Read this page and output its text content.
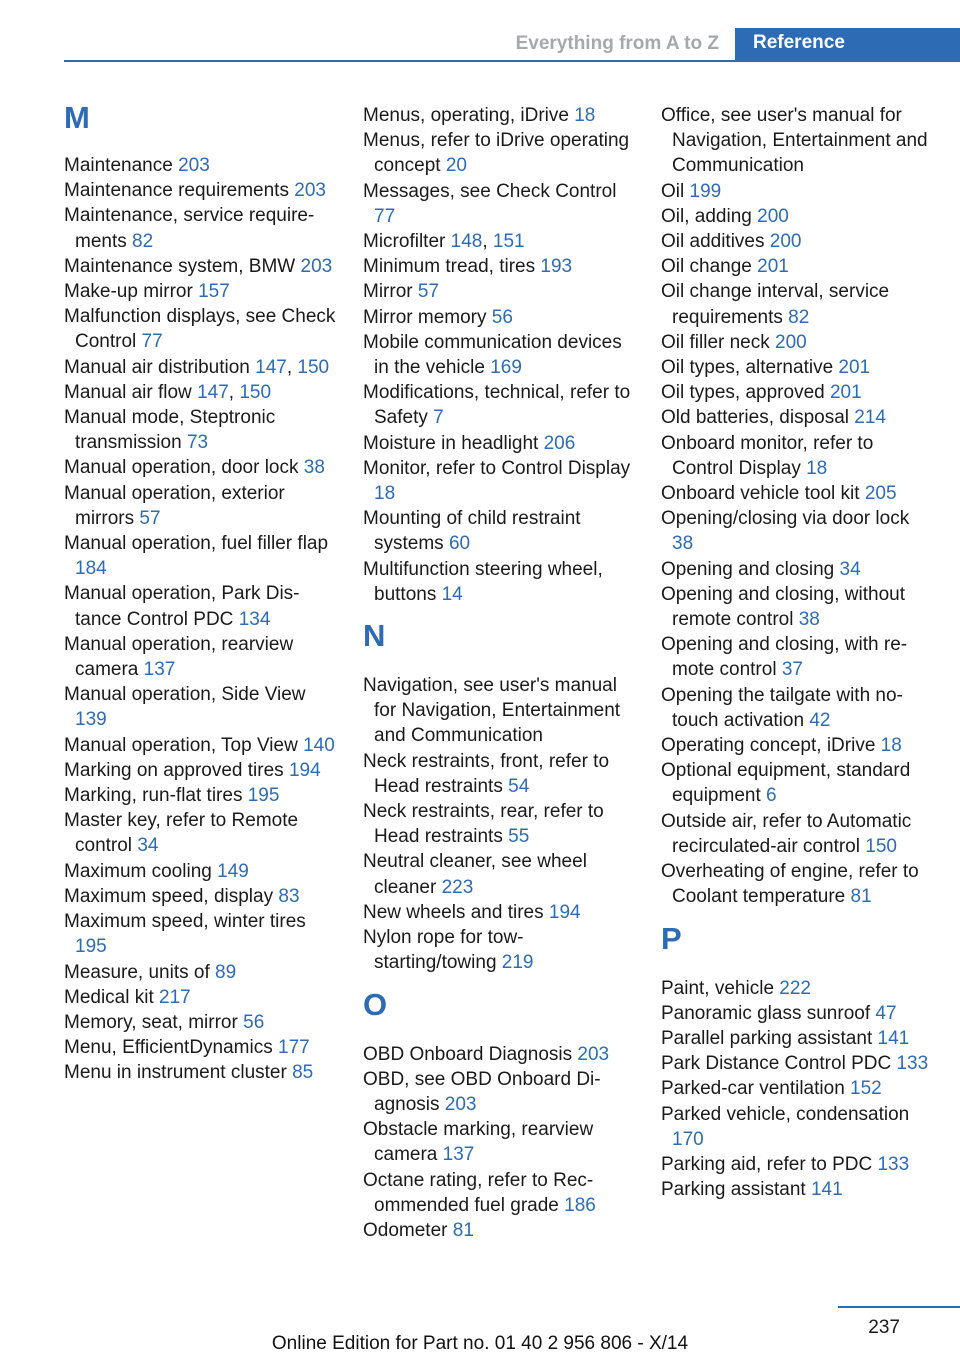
Everything from A to Z	Reference
M
Maintenance 203
Maintenance requirements 203
Maintenance, service requirements 82
Maintenance system, BMW 203
Make-up mirror 157
Malfunction displays, see Check Control 77
Manual air distribution 147, 150
Manual air flow 147, 150
Manual mode, Steptronic transmission 73
Manual operation, door lock 38
Manual operation, exterior mirrors 57
Manual operation, fuel filler flap 184
Manual operation, Park Distance Control PDC 134
Manual operation, rearview camera 137
Manual operation, Side View 139
Manual operation, Top View 140
Marking on approved tires 194
Marking, run-flat tires 195
Master key, refer to Remote control 34
Maximum cooling 149
Maximum speed, display 83
Maximum speed, winter tires 195
Measure, units of 89
Medical kit 217
Memory, seat, mirror 56
Menu, EfficientDynamics 177
Menu in instrument cluster 85
Menus, operating, iDrive 18
Menus, refer to iDrive operating concept 20
Messages, see Check Control 77
Microfilter 148, 151
Minimum tread, tires 193
Mirror 57
Mirror memory 56
Mobile communication devices in the vehicle 169
Modifications, technical, refer to Safety 7
Moisture in headlight 206
Monitor, refer to Control Display 18
Mounting of child restraint systems 60
Multifunction steering wheel, buttons 14
N
Navigation, see user's manual for Navigation, Entertainment and Communication
Neck restraints, front, refer to Head restraints 54
Neck restraints, rear, refer to Head restraints 55
Neutral cleaner, see wheel cleaner 223
New wheels and tires 194
Nylon rope for tow-starting/towing 219
O
OBD Onboard Diagnosis 203
OBD, see OBD Onboard Diagnosis 203
Obstacle marking, rearview camera 137
Octane rating, refer to Recommended fuel grade 186
Odometer 81
Office, see user's manual for Navigation, Entertainment and Communication
Oil 199
Oil, adding 200
Oil additives 200
Oil change 201
Oil change interval, service requirements 82
Oil filler neck 200
Oil types, alternative 201
Oil types, approved 201
Old batteries, disposal 214
Onboard monitor, refer to Control Display 18
Onboard vehicle tool kit 205
Opening/closing via door lock 38
Opening and closing 34
Opening and closing, without remote control 38
Opening and closing, with remote control 37
Opening the tailgate with no-touch activation 42
Operating concept, iDrive 18
Optional equipment, standard equipment 6
Outside air, refer to Automatic recirculated-air control 150
Overheating of engine, refer to Coolant temperature 81
P
Paint, vehicle 222
Panoramic glass sunroof 47
Parallel parking assistant 141
Park Distance Control PDC 133
Parked-car ventilation 152
Parked vehicle, condensation 170
Parking aid, refer to PDC 133
Parking assistant 141
237
Online Edition for Part no. 01 40 2 956 806 - X/14
